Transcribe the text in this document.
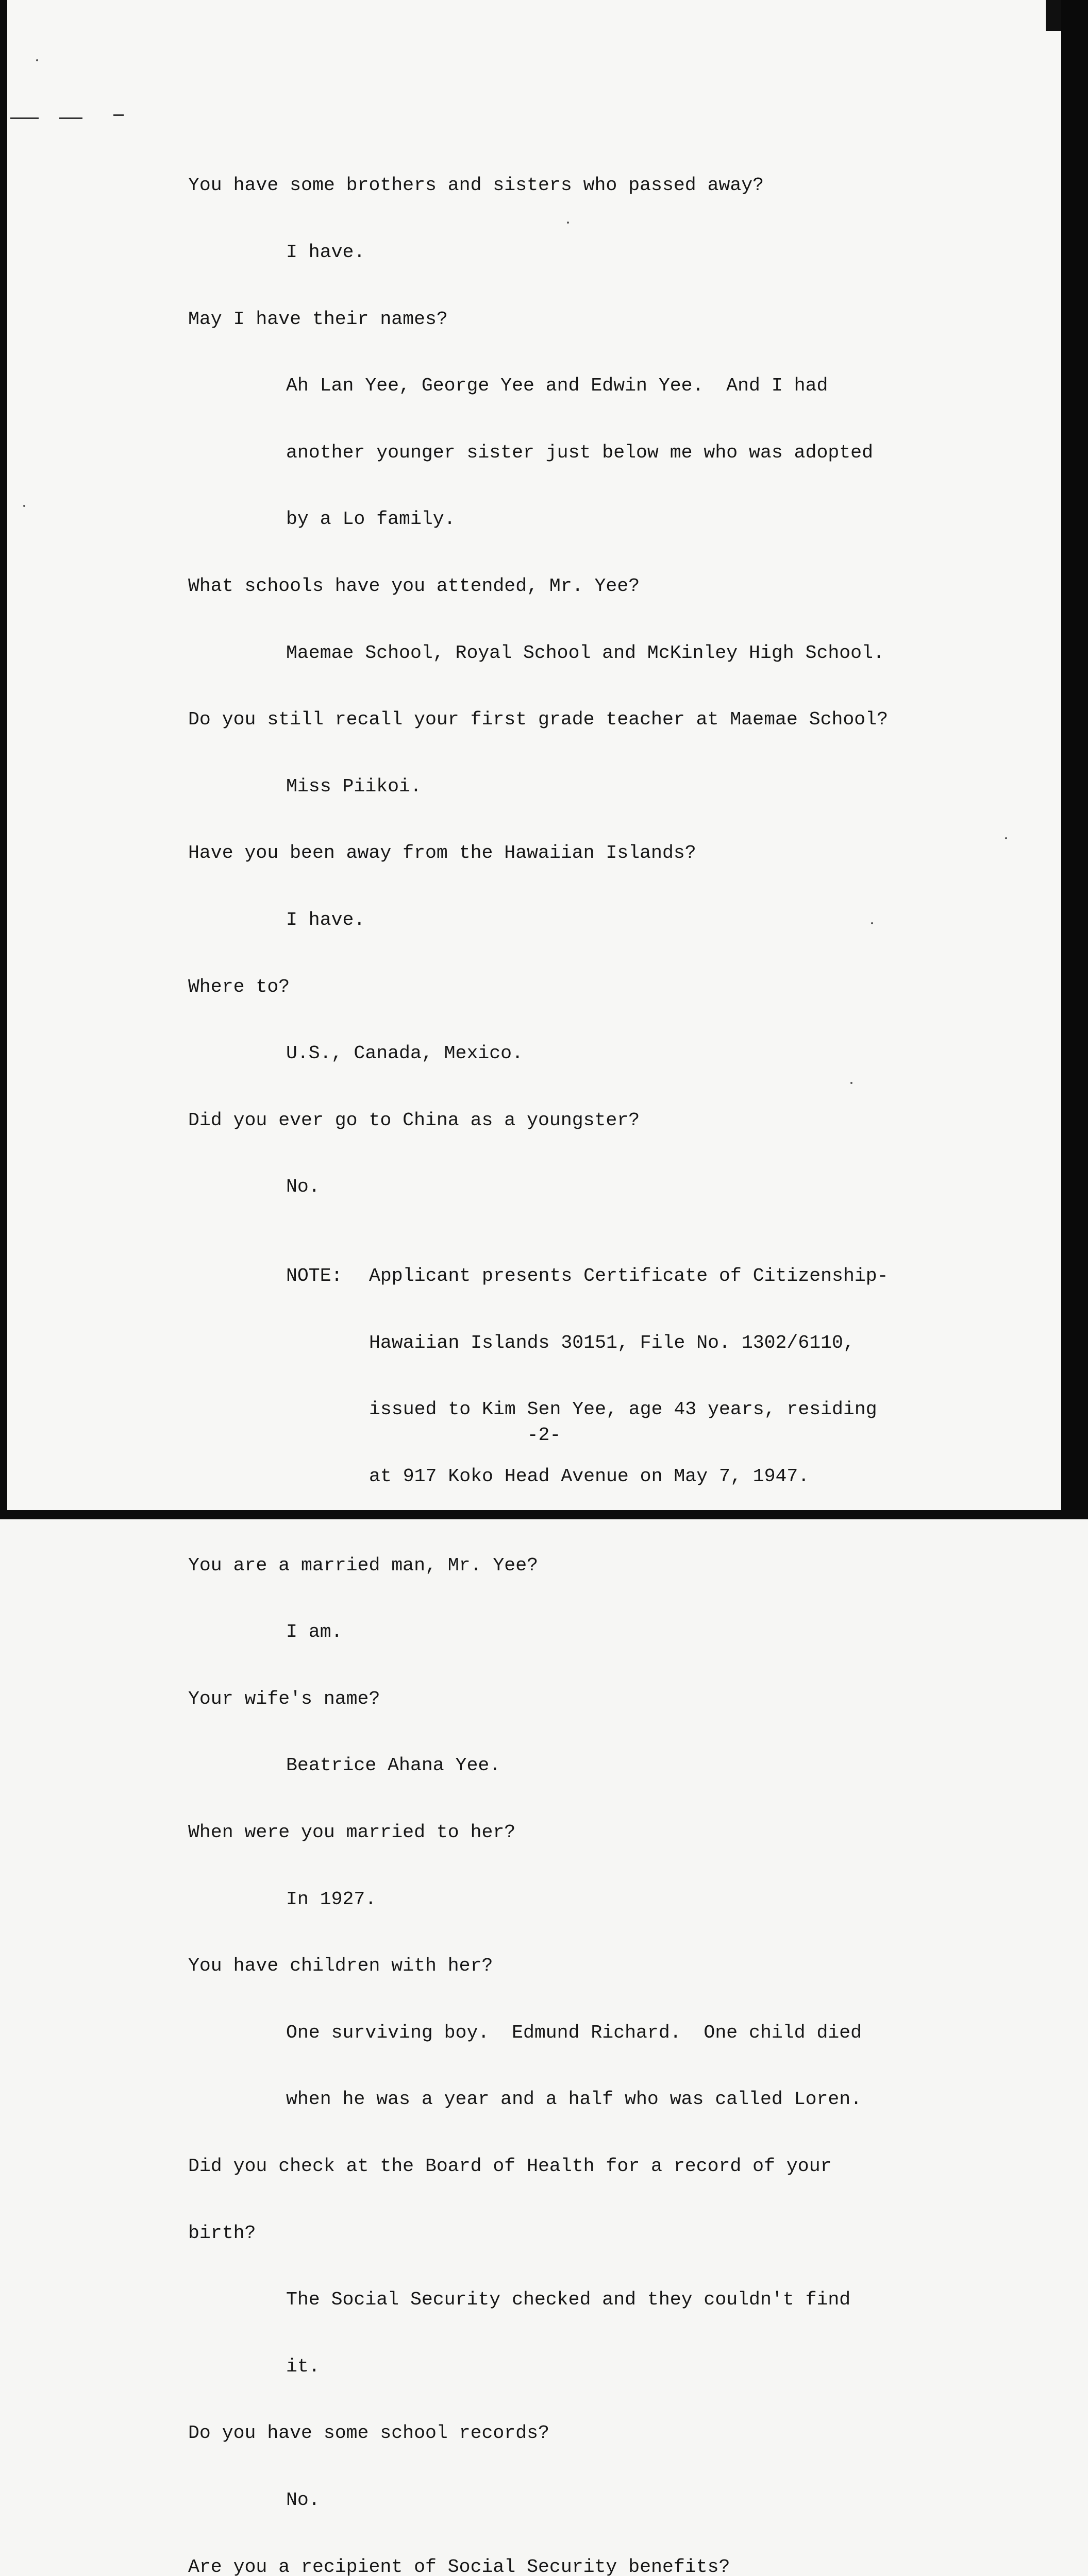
You have some brothers and sisters who passed away?

I have.

May I have their names?

Ah Lan Yee, George Yee and Edwin Yee.  And I had

another younger sister just below me who was adopted

by a Lo family.

What schools have you attended, Mr. Yee?

Maemae School, Royal School and McKinley High School.

Do you still recall your first grade teacher at Maemae School?

Miss Piikoi.

Have you been away from the Hawaiian Islands?

I have.

Where to?

U.S., Canada, Mexico.

Did you ever go to China as a youngster?

No.

NOTE: Applicant presents Certificate of Citizenship-

Hawaiian Islands 30151, File No. 1302/6110,

issued to Kim Sen Yee, age 43 years, residing

at 917 Koko Head Avenue on May 7, 1947.

You are a married man, Mr. Yee?

I am.

Your wife's name?

Beatrice Ahana Yee.

When were you married to her?

In 1927.

You have children with her?

One surviving boy.  Edmund Richard.  One child died

when he was a year and a half who was called Loren.

Did you check at the Board of Health for a record of your

birth?

The Social Security checked and they couldn't find

it.

Do you have some school records?

No.

Are you a recipient of Social Security benefits?

-2-
